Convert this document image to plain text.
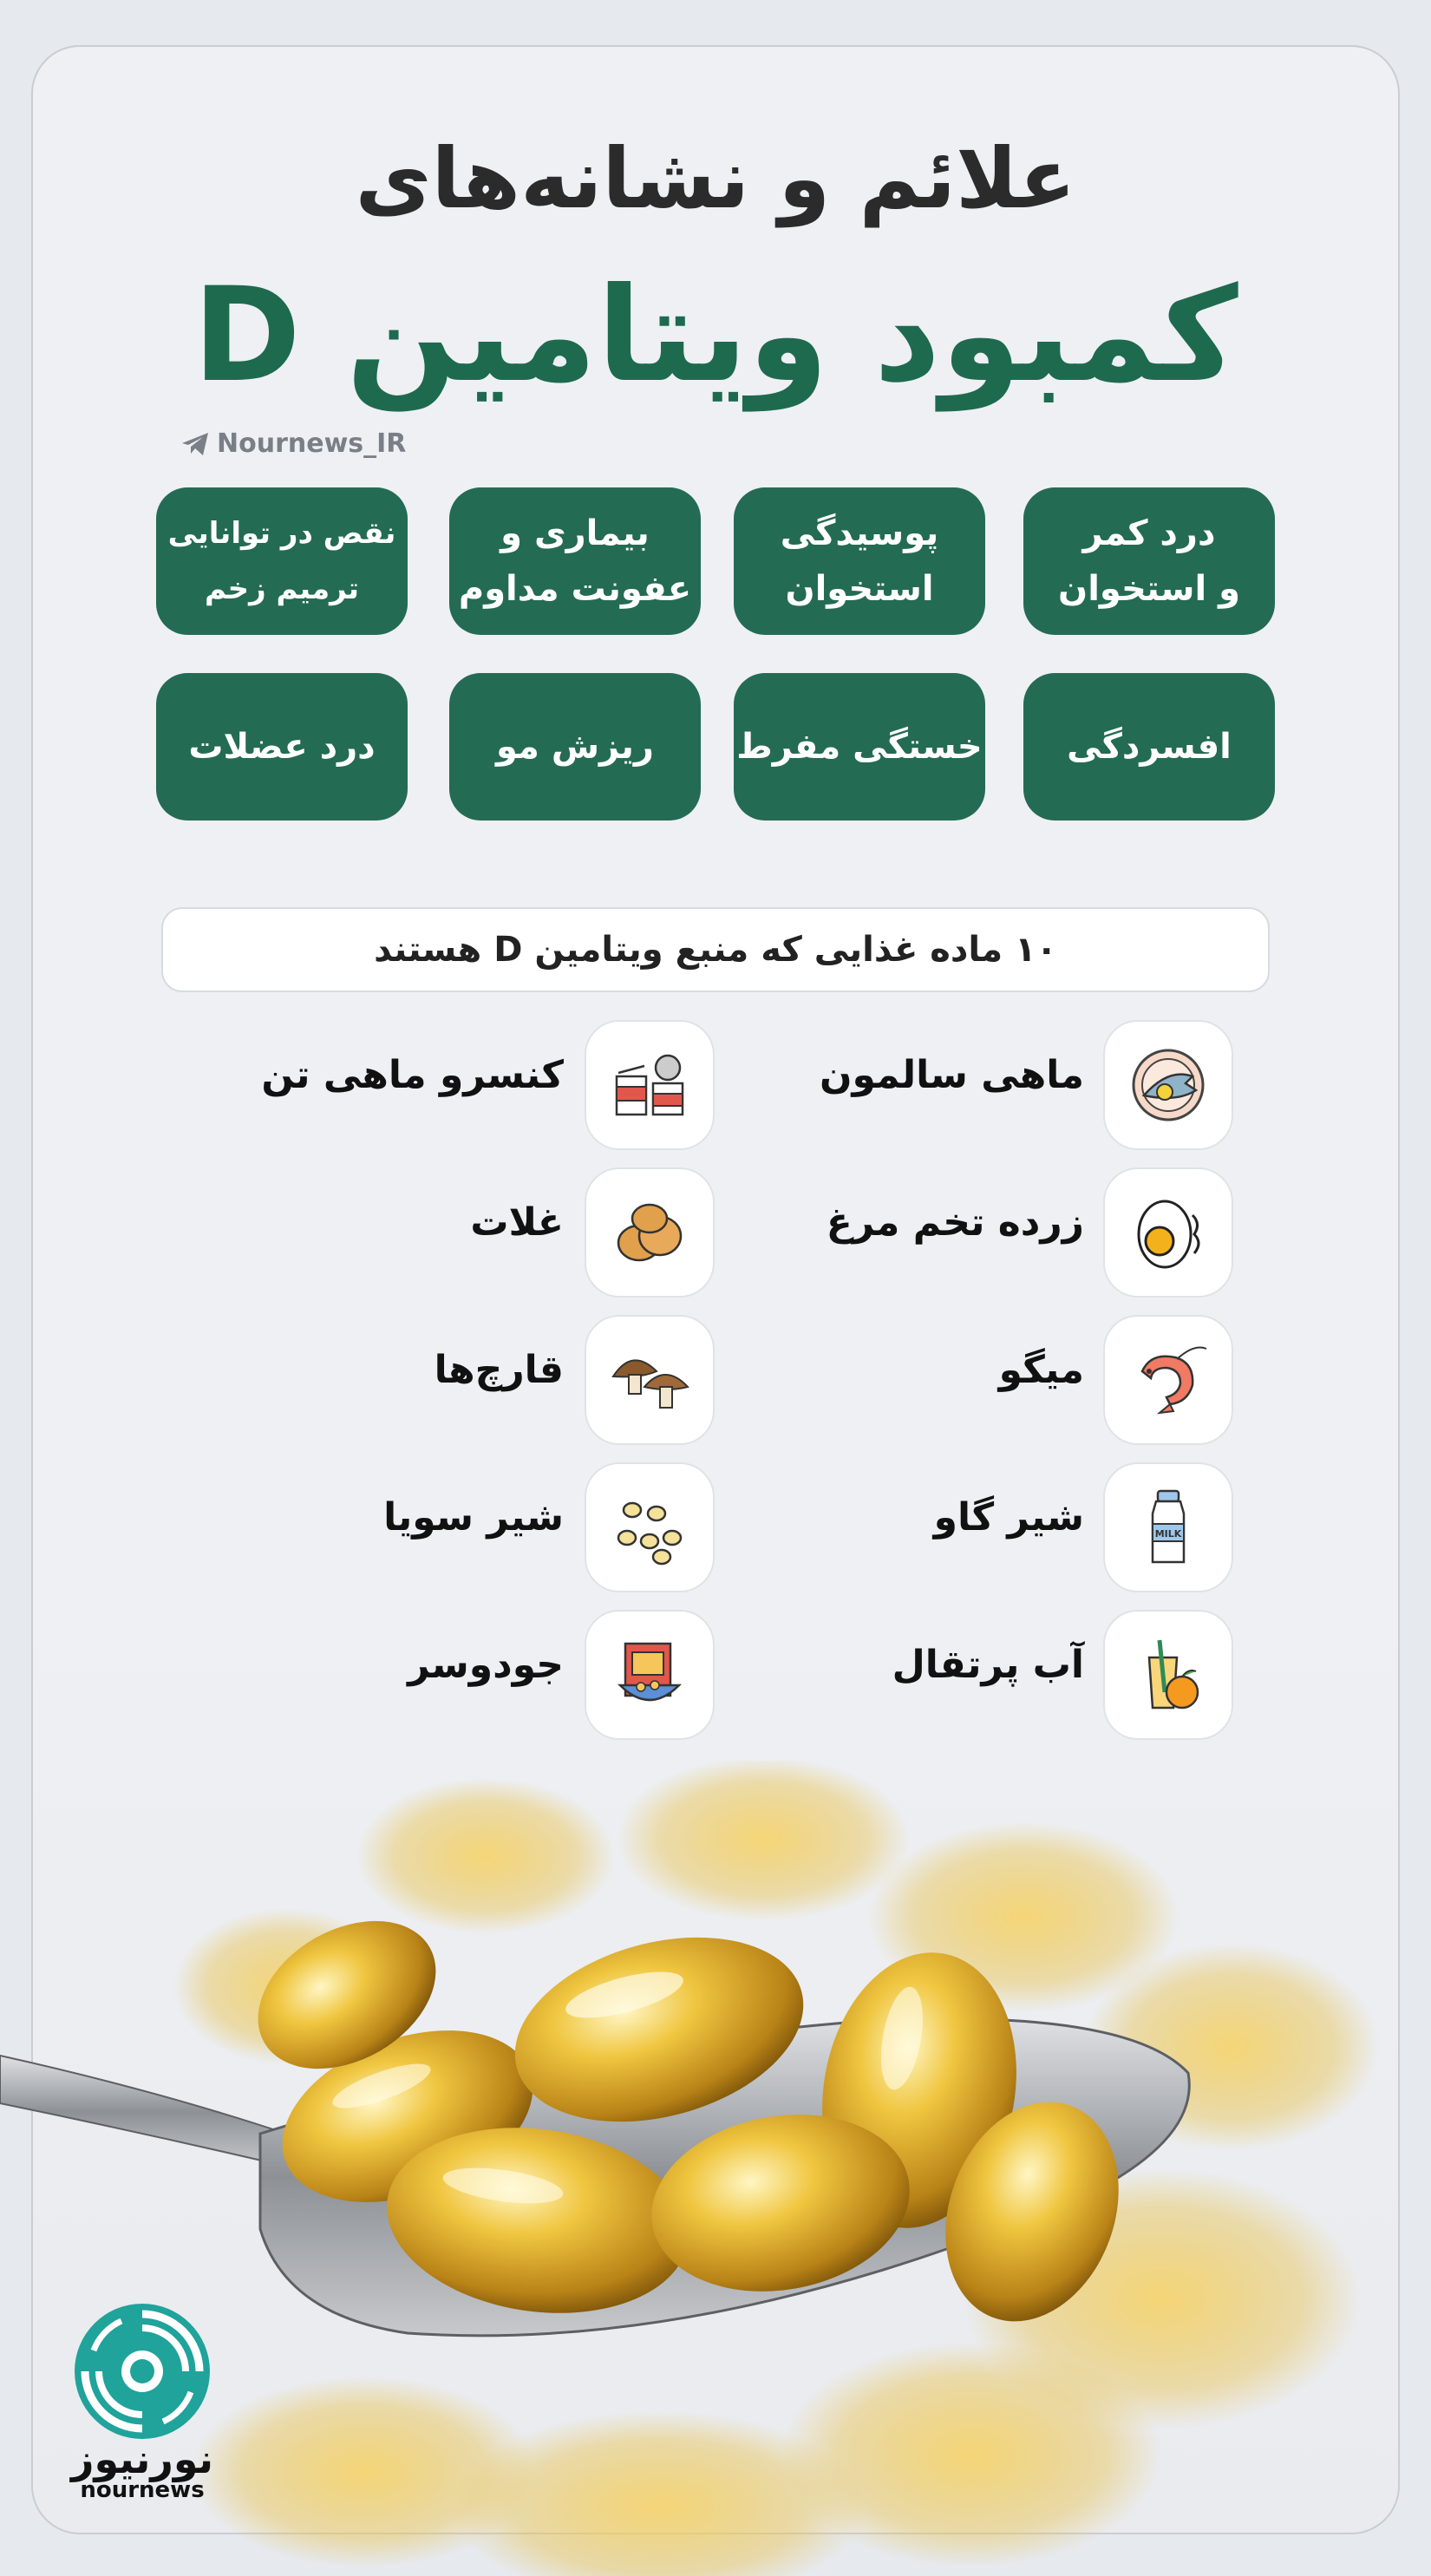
علائم و نشانه‌های
کمبود ویتامین D
Nournews_IR
درد کمر
و استخوان
پوسیدگی
استخوان
بیماری و
عفونت مداوم
نقص در توانایی
ترمیم زخم
افسردگی
خستگی مفرط
ریزش مو
درد عضلات
۱۰ ماده غذایی که منبع ویتامین D هستند
ماهی سالمون
زرده تخم مرغ
میگو
MILK
شیر گاو
آب پرتقال
کنسرو ماهی تن
غلات
قارچ‌ها
شیر سویا
جودوسر
نورنیوز
nournews
